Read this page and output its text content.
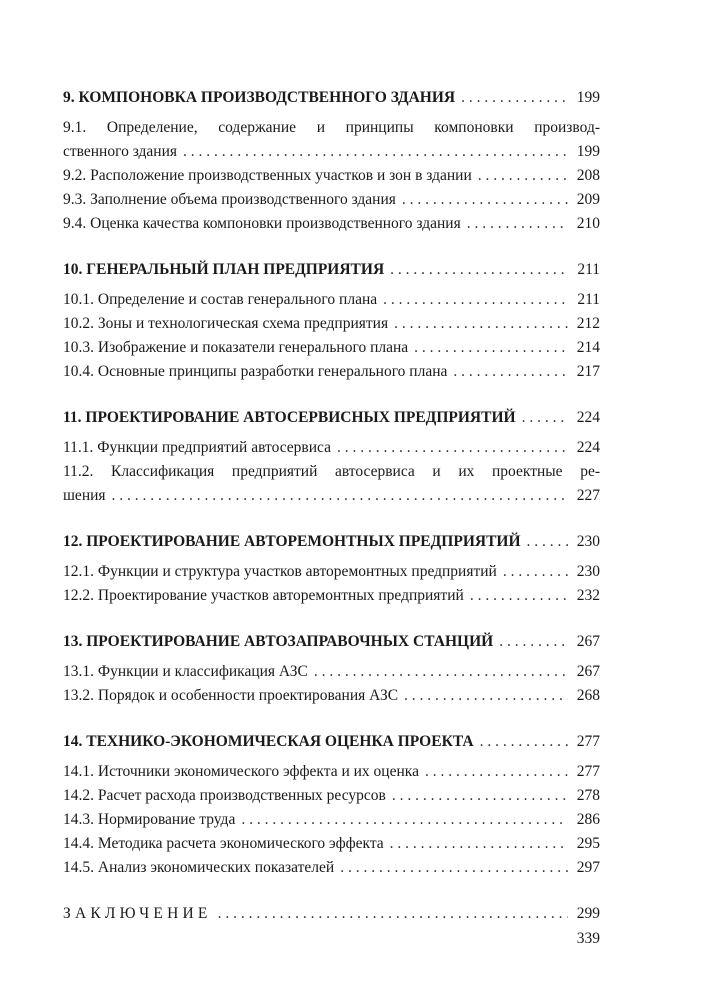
9. КОМПОНОВКА ПРОИЗВОДСТВЕННОГО ЗДАНИЯ . . .	199
9.1. Определение, содержание и принципы компоновки производ-
ственного здания . . .	199
9.2. Расположение производственных участков и зон в здании . . .	208
9.3. Заполнение объема производственного здания . . .	209
9.4. Оценка качества компоновки производственного здания . . .	210
10. ГЕНЕРАЛЬНЫЙ ПЛАН ПРЕДПРИЯТИЯ . . .	211
10.1. Определение и состав генерального плана . . .	211
10.2. Зоны и технологическая схема предприятия . . .	212
10.3. Изображение и показатели генерального плана . . .	214
10.4. Основные принципы разработки генерального плана . . .	217
11. ПРОЕКТИРОВАНИЕ АВТОСЕРВИСНЫХ ПРЕДПРИЯТИЙ . . .	224
11.1. Функции предприятий автосервиса . . .	224
11.2. Классификация предприятий автосервиса и их проектные ре-
шения . . .	227
12. ПРОЕКТИРОВАНИЕ АВТОРЕМОНТНЫХ ПРЕДПРИЯТИЙ . . .	230
12.1. Функции и структура участков авторемонтных предприятий . . .	230
12.2. Проектирование участков авторемонтных предприятий . . .	232
13. ПРОЕКТИРОВАНИЕ АВТОЗАПРАВОЧНЫХ СТАНЦИЙ . . .	267
13.1. Функции и классификация АЗС . . .	267
13.2. Порядок и особенности проектирования АЗС . . .	268
14. ТЕХНИКО-ЭКОНОМИЧЕСКАЯ ОЦЕНКА ПРОЕКТА . . .	277
14.1. Источники экономического эффекта и их оценка . . .	277
14.2. Расчет расхода производственных ресурсов . . .	278
14.3. Нормирование труда . . .	286
14.4. Методика расчета экономического эффекта . . .	295
14.5. Анализ экономических показателей . . .	297
ЗАКЛЮЧЕНИЕ . . .	299
339
